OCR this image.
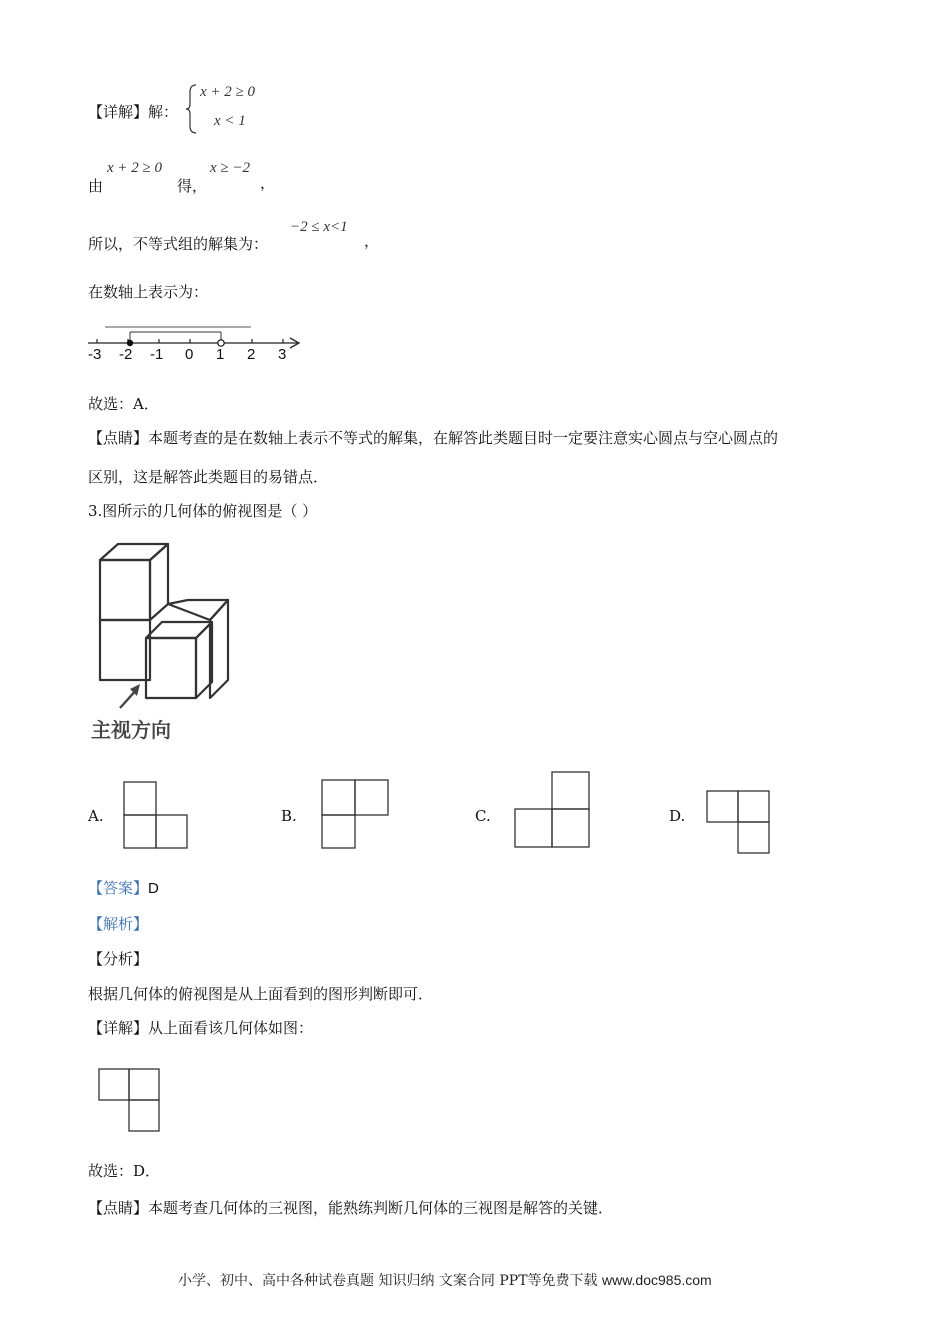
【详解】解：
x + 2 ≥ 0
x < 1
由
x + 2 ≥ 0
得，
x ≥ −2
，
所以，不等式组的解集为：
−2 ≤ x<1
，
在数轴上表示为：
-3 -2 -1 0 1 2 3
故选：A．
【点睛】本题考查的是在数轴上表示不等式的解集，在解答此类题目时一定要注意实心圆点与空心圆点的
区别，这是解答此类题目的易错点．
3.图所示的几何体的俯视图是（ ）
主视方向
A.	B.	C.	D.
【答案】D
【解析】
【分析】
根据几何体的俯视图是从上面看到的图形判断即可．
【详解】从上面看该几何体如图：
故选：D．
【点睛】本题考查几何体的三视图，能熟练判断几何体的三视图是解答的关键．
小学、初中、高中各种试卷真题 知识归纳 文案合同 PPT等免费下载 www.doc985.com
